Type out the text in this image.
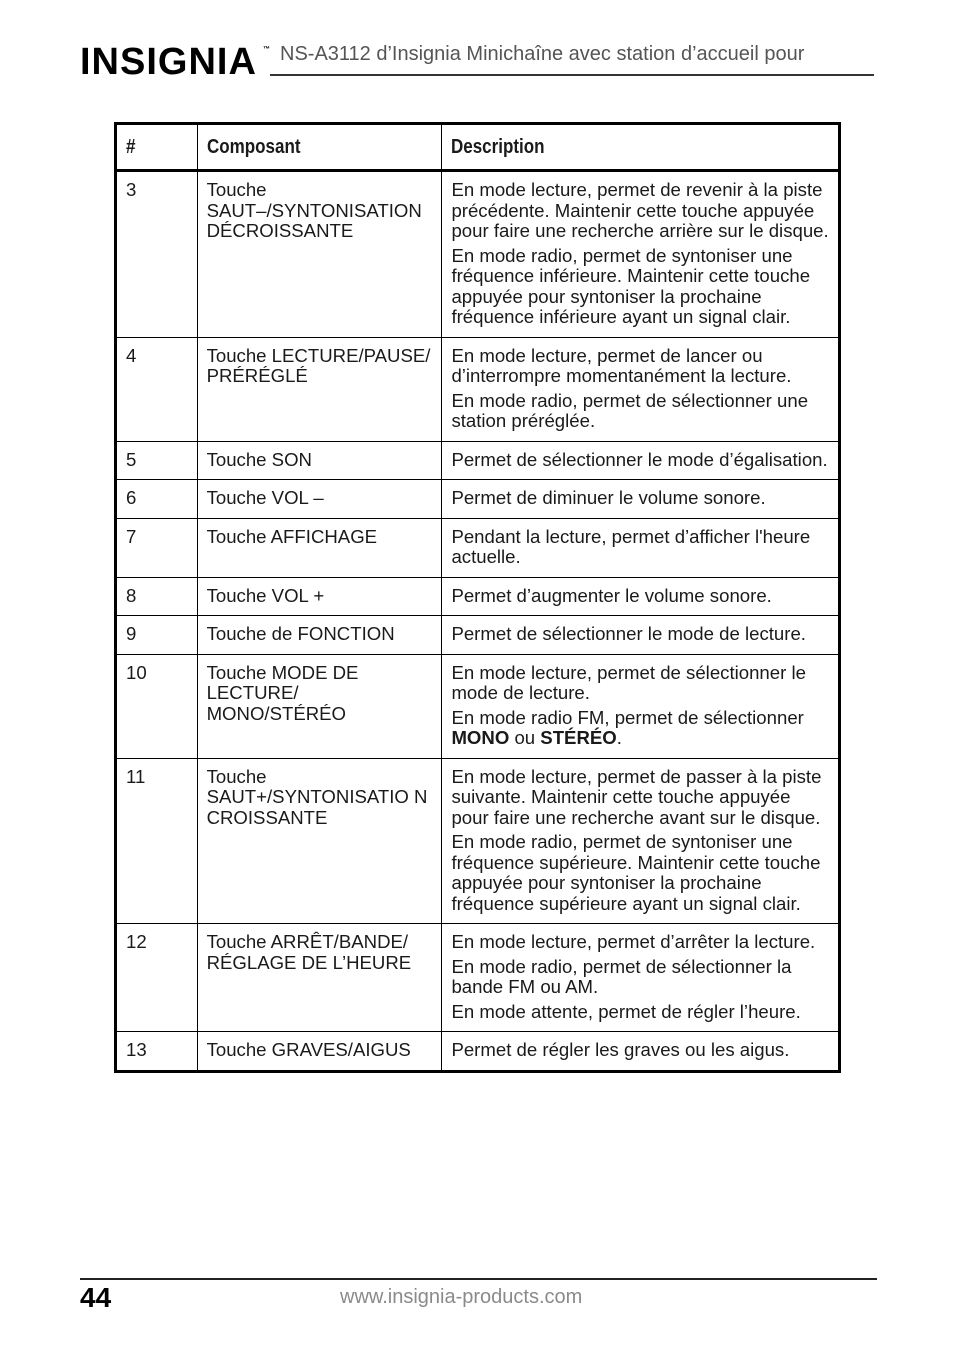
INSIGNIA ™ NS-A3112 d’Insignia Minichaîne avec station d’accueil pour
#	Composant	Description
3	Touche SAUT–/SYNTONISATION DÉCROISSANTE	En mode lecture, permet de revenir à la piste précédente. Maintenir cette touche appuyée pour faire une recherche arrière sur le disque.

En mode radio, permet de syntoniser une fréquence inférieure. Maintenir cette touche appuyée pour syntoniser la prochaine fréquence inférieure ayant un signal clair.

4	Touche LECTURE/PAUSE/ PRÉRÉGLÉ	En mode lecture, permet de lancer ou d’interrompre momentanément la lecture.

En mode radio, permet de sélectionner une station préréglée.

5	Touche SON	Permet de sélectionner le mode d’égalisation.

6	Touche VOL –	Permet de diminuer le volume sonore.

7	Touche AFFICHAGE	Pendant la lecture, permet d’afficher l'heure actuelle.

8	Touche VOL +	Permet d’augmenter le volume sonore.

9	Touche de FONCTION	Permet de sélectionner le mode de lecture.

10	Touche MODE DE LECTURE/ MONO/STÉRÉO	En mode lecture, permet de sélectionner le mode de lecture.

En mode radio FM, permet de sélectionner MONO ou STÉRÉO.

11	Touche SAUT+/SYNTONISATIO N CROISSANTE	En mode lecture, permet de passer à la piste suivante. Maintenir cette touche appuyée pour faire une recherche avant sur le disque.

En mode radio, permet de syntoniser une fréquence supérieure. Maintenir cette touche appuyée pour syntoniser la prochaine fréquence supérieure ayant un signal clair.

12	Touche ARRÊT/BANDE/ RÉGLAGE DE L’HEURE	En mode lecture, permet d’arrêter la lecture.

En mode radio, permet de sélectionner la bande FM ou AM.

En mode attente, permet de régler l’heure.

13	Touche GRAVES/AIGUS	Permet de régler les graves ou les aigus.

44	www.insignia-products.com
